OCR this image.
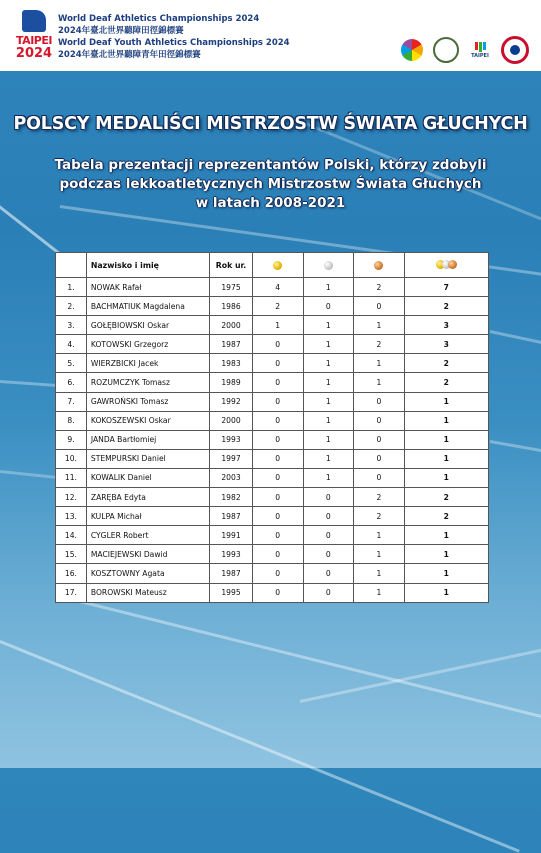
TAIPEI
2024
World Deaf Athletics Championships 2024
2024年臺北世界聽障田徑錦標賽
World Deaf Youth Athletics Championships 2024
2024年臺北世界聽障青年田徑錦標賽	TAIPEI
POLSCY MEDALIŚCI MISTRZOSTW ŚWIATA GŁUCHYCH
Tabela prezentacji reprezentantów Polski, którzy zdobyli
podczas lekkoatletycznych Mistrzostw Świata Głuchych
w latach 2008-2021
	Nazwisko i imię	Rok ur.				

1.	NOWAK Rafał	1975	4	1	2	7
2.	BACHMATIUK Magdalena	1986	2	0	0	2
3.	GOŁĘBIOWSKI Oskar	2000	1	1	1	3
4.	KOTOWSKI Grzegorz	1987	0	1	2	3
5.	WIERZBICKI Jacek	1983	0	1	1	2
6.	ROZUMCZYK Tomasz	1989	0	1	1	2
7.	GAWROŃSKI Tomasz	1992	0	1	0	1
8.	KOKOSZEWSKI Oskar	2000	0	1	0	1
9.	JANDA Bartłomiej	1993	0	1	0	1
10.	STEMPURSKI Daniel	1997	0	1	0	1
11.	KOWALIK Daniel	2003	0	1	0	1
12.	ZARĘBA Edyta	1982	0	0	2	2
13.	KULPA Michał	1987	0	0	2	2
14.	CYGLER Robert	1991	0	0	1	1
15.	MACIEJEWSKI Dawid	1993	0	0	1	1
16.	KOSZTOWNY Agata	1987	0	0	1	1
17.	BOROWSKI Mateusz	1995	0	0	1	1
